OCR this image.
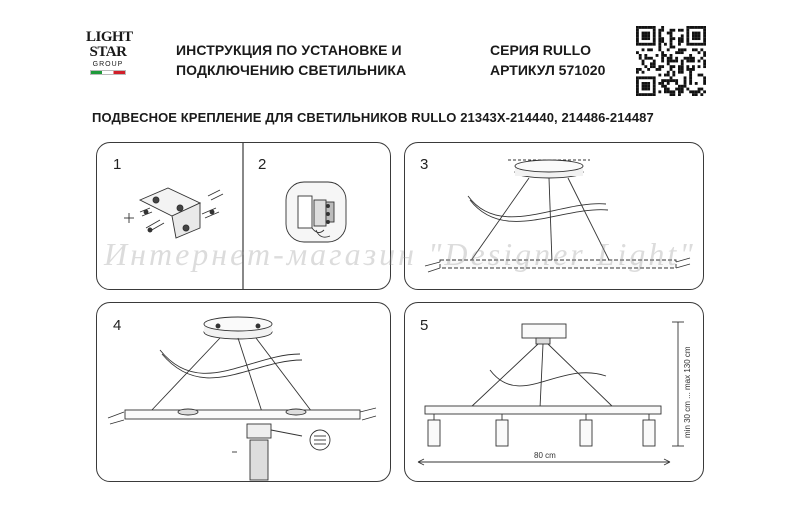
LIGHT
STAR
GROUP
ИНСТРУКЦИЯ ПО УСТАНОВКЕ И
ПОДКЛЮЧЕНИЮ СВЕТИЛЬНИКА
СЕРИЯ RULLO
АРТИКУЛ 571020
ПОДВЕСНОЕ КРЕПЛЕНИЕ ДЛЯ СВЕТИЛЬНИКОВ RULLO 21343X-214440, 214486-214487
1	2	3
4	5
80 cm
min 30 cm ... max 130 cm
Интернет-магазин "Designer Light"
